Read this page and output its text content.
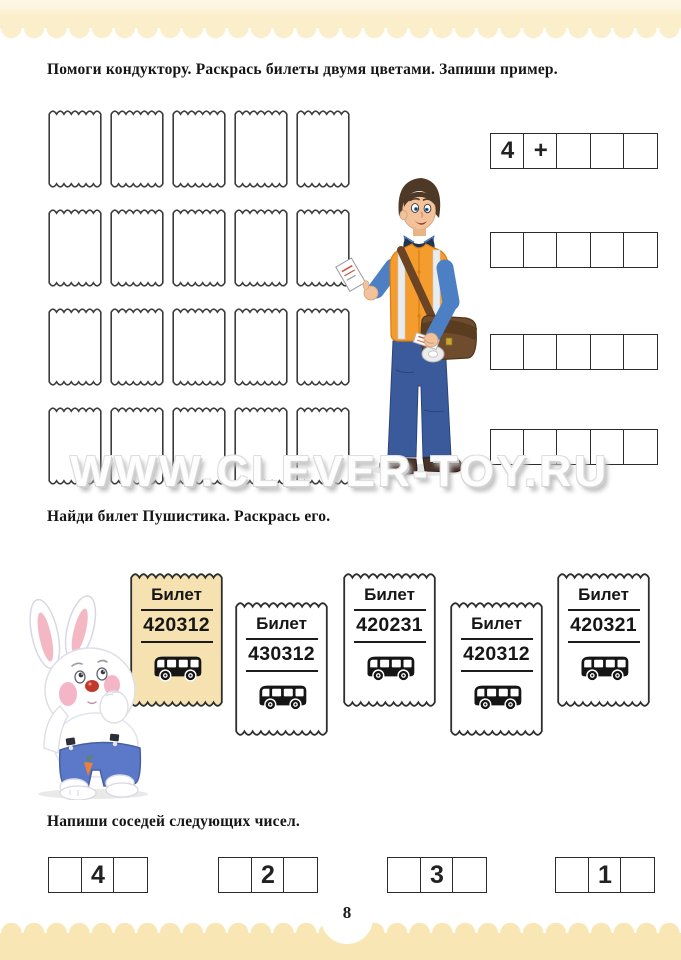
Помоги кондуктору. Раскрась билеты двумя цветами. Запиши пример.
4 +
WWW.CLEVER-TOY.RU
Найди билет Пушистика. Раскрась его.
Билет
420312	Билет
430312
Билет
420231	Билет
420312
Билет
420321
Напиши соседей следующих чисел.
4	2	3	1
8
